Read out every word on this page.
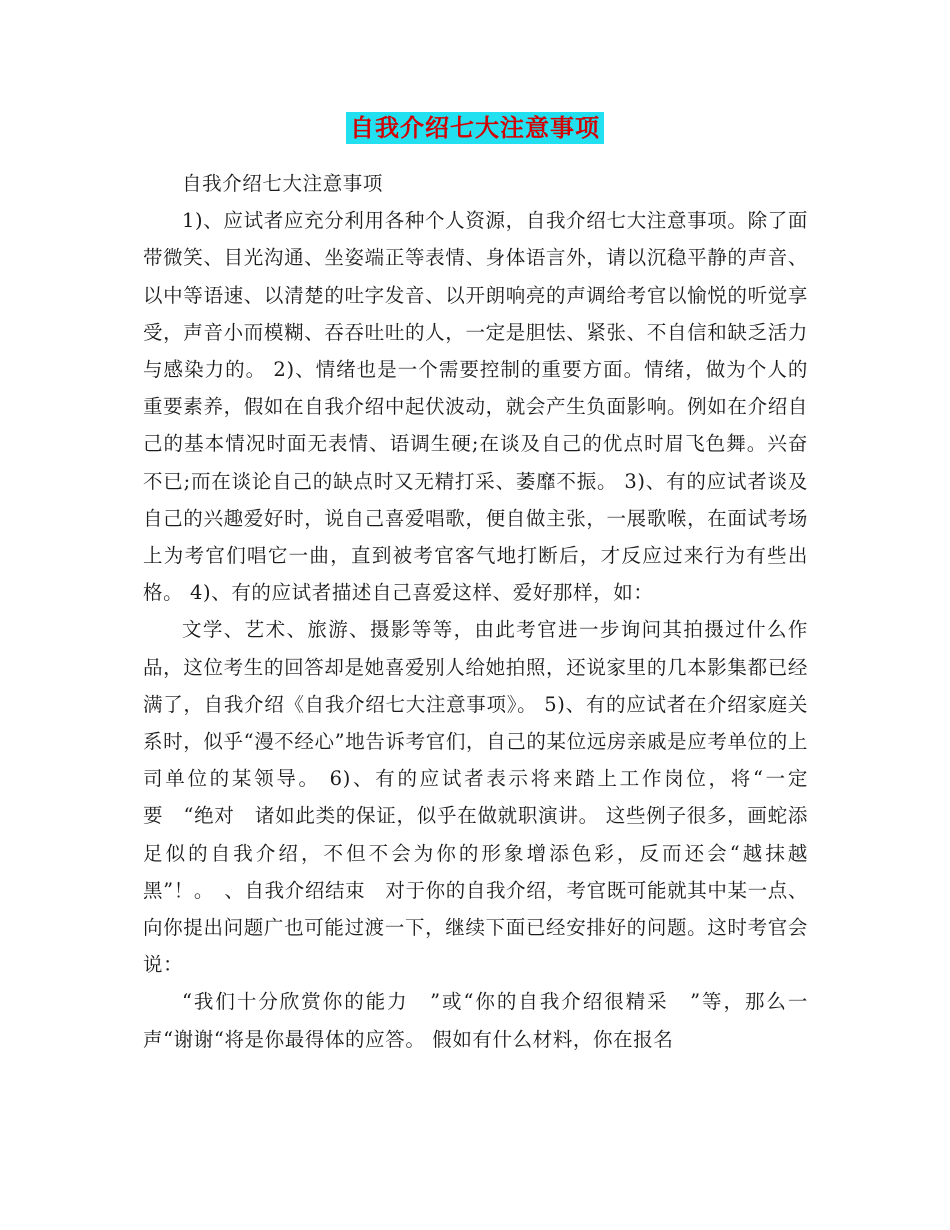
自我介绍七大注意事项

自我介绍七大注意事项

1)、应试者应充分利用各种个人资源，自我介绍七大注意事项。除了面带微笑、目光沟通、坐姿端正等表情、身体语言外，请以沉稳平静的声音、以中等语速、以清楚的吐字发音、以开朗响亮的声调给考官以愉悦的听觉享受，声音小而模糊、吞吞吐吐的人，一定是胆怯、紧张、不自信和缺乏活力与感染力的。 2)、情绪也是一个需要控制的重要方面。情绪，做为个人的重要素养，假如在自我介绍中起伏波动，就会产生负面影响。例如在介绍自己的基本情况时面无表情、语调生硬;在谈及自己的优点时眉飞色舞。兴奋不已;而在谈论自己的缺点时又无精打采、萎靡不振。 3)、有的应试者谈及自己的兴趣爱好时，说自己喜爱唱歌，便自做主张，一展歌喉，在面试考场上为考官们唱它一曲，直到被考官客气地打断后，才反应过来行为有些出格。 4)、有的应试者描述自己喜爱这样、爱好那样，如：

文学、艺术、旅游、摄影等等，由此考官进一步询问其拍摄过什么作品，这位考生的回答却是她喜爱别人给她拍照，还说家里的几本影集都已经满了，自我介绍《自我介绍七大注意事项》。 5)、有的应试者在介绍家庭关系时，似乎“漫不经心”地告诉考官们，自己的某位远房亲戚是应考单位的上司单位的某领导。 6)、有的应试者表示将来踏上工作岗位，将“一定要　“绝对　诸如此类的保证，似乎在做就职演讲。 这些例子很多，画蛇添足似的自我介绍，不但不会为你的形象增添色彩，反而还会“越抹越黑”！。　、自我介绍结束　对于你的自我介绍，考官既可能就其中某一点、向你提出问题广也可能过渡一下，继续下面已经安排好的问题。这时考官会说：

“我们十分欣赏你的能力　”或“你的自我介绍很精采　”等，那么一声“谢谢“将是你最得体的应答。 假如有什么材料，你在报名
